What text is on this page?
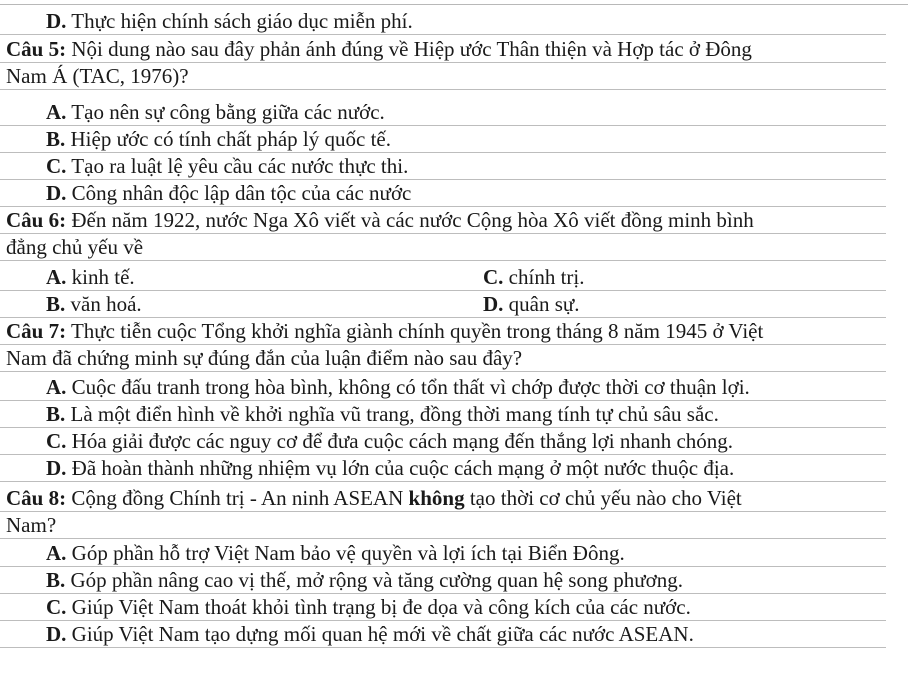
D. Thực hiện chính sách giáo dục miễn phí.
Câu 5: Nội dung nào sau đây phản ánh đúng về Hiệp ước Thân thiện và Hợp tác ở Đông
Nam Á (TAC, 1976)?
A. Tạo nên sự công bằng giữa các nước.
B. Hiệp ước có tính chất pháp lý quốc tế.
C. Tạo ra luật lệ yêu cầu các nước thực thi.
D. Công nhân độc lập dân tộc của các nước
Câu 6: Đến năm 1922, nước Nga Xô viết và các nước Cộng hòa Xô viết đồng minh bình
đẳng chủ yếu về
A. kinh tế.	C. chính trị.
B. văn hoá.	D. quân sự.
Câu 7: Thực tiễn cuộc Tổng khởi nghĩa giành chính quyền trong tháng 8 năm 1945 ở Việt
Nam đã chứng minh sự đúng đắn của luận điểm nào sau đây?
A. Cuộc đấu tranh trong hòa bình, không có tổn thất vì chớp được thời cơ thuận lợi.
B. Là một điển hình về khởi nghĩa vũ trang, đồng thời mang tính tự chủ sâu sắc.
C. Hóa giải được các nguy cơ để đưa cuộc cách mạng đến thắng lợi nhanh chóng.
D. Đã hoàn thành những nhiệm vụ lớn của cuộc cách mạng ở một nước thuộc địa.
Câu 8: Cộng đồng Chính trị - An ninh ASEAN không tạo thời cơ chủ yếu nào cho Việt
Nam?
A. Góp phần hỗ trợ Việt Nam bảo vệ quyền và lợi ích tại Biển Đông.
B. Góp phần nâng cao vị thế, mở rộng và tăng cường quan hệ song phương.
C. Giúp Việt Nam thoát khỏi tình trạng bị đe dọa và công kích của các nước.
D. Giúp Việt Nam tạo dựng mối quan hệ mới về chất giữa các nước ASEAN.
